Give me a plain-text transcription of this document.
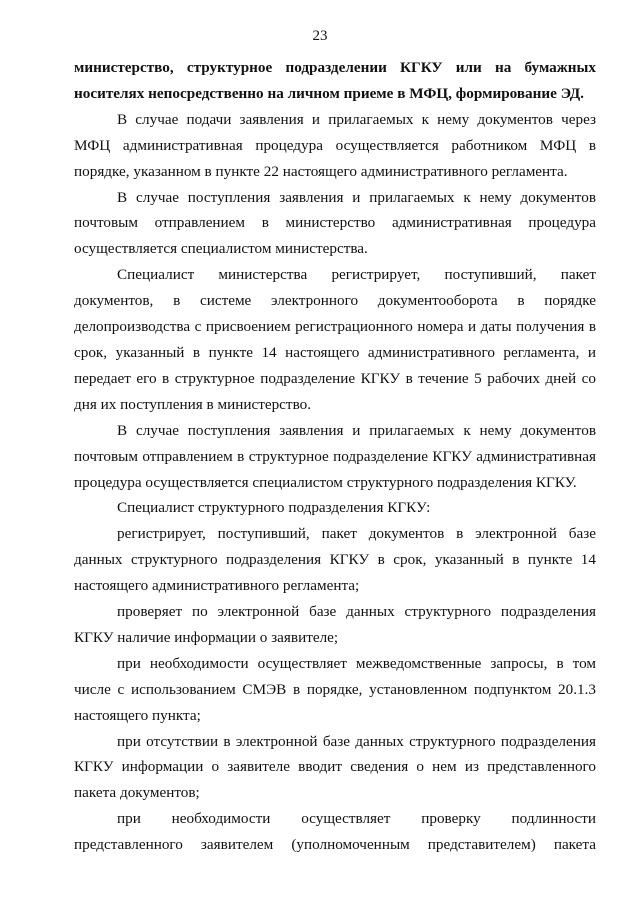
23

министерство, структурное подразделении КГКУ или на бумажных носителях непосредственно на личном приеме в МФЦ, формирование ЭД.

В случае подачи заявления и прилагаемых к нему документов через МФЦ административная процедура осуществляется работником МФЦ в порядке, указанном в пункте 22 настоящего административного регламента.

В случае поступления заявления и прилагаемых к нему документов почтовым отправлением в министерство административная процедура осуществляется специалистом министерства.

Специалист министерства регистрирует, поступивший, пакет документов, в системе электронного документооборота в порядке делопроизводства с присвоением регистрационного номера и даты получения в срок, указанный в пункте 14 настоящего административного регламента, и передает его в структурное подразделение КГКУ в течение 5 рабочих дней со дня их поступления в министерство.

В случае поступления заявления и прилагаемых к нему документов почтовым отправлением в структурное подразделение КГКУ административная процедура осуществляется специалистом структурного подразделения КГКУ.

Специалист структурного подразделения КГКУ:

регистрирует, поступивший, пакет документов в электронной базе данных структурного подразделения КГКУ в срок, указанный в пункте 14 настоящего административного регламента;

проверяет по электронной базе данных структурного подразделения КГКУ наличие информации о заявителе;

при необходимости осуществляет межведомственные запросы, в том числе с использованием СМЭВ в порядке, установленном подпунктом 20.1.3 настоящего пункта;

при отсутствии в электронной базе данных структурного подразделения КГКУ информации о заявителе вводит сведения о нем из представленного пакета документов;

при необходимости осуществляет проверку подлинности представленного заявителем (уполномоченным представителем) пакета
